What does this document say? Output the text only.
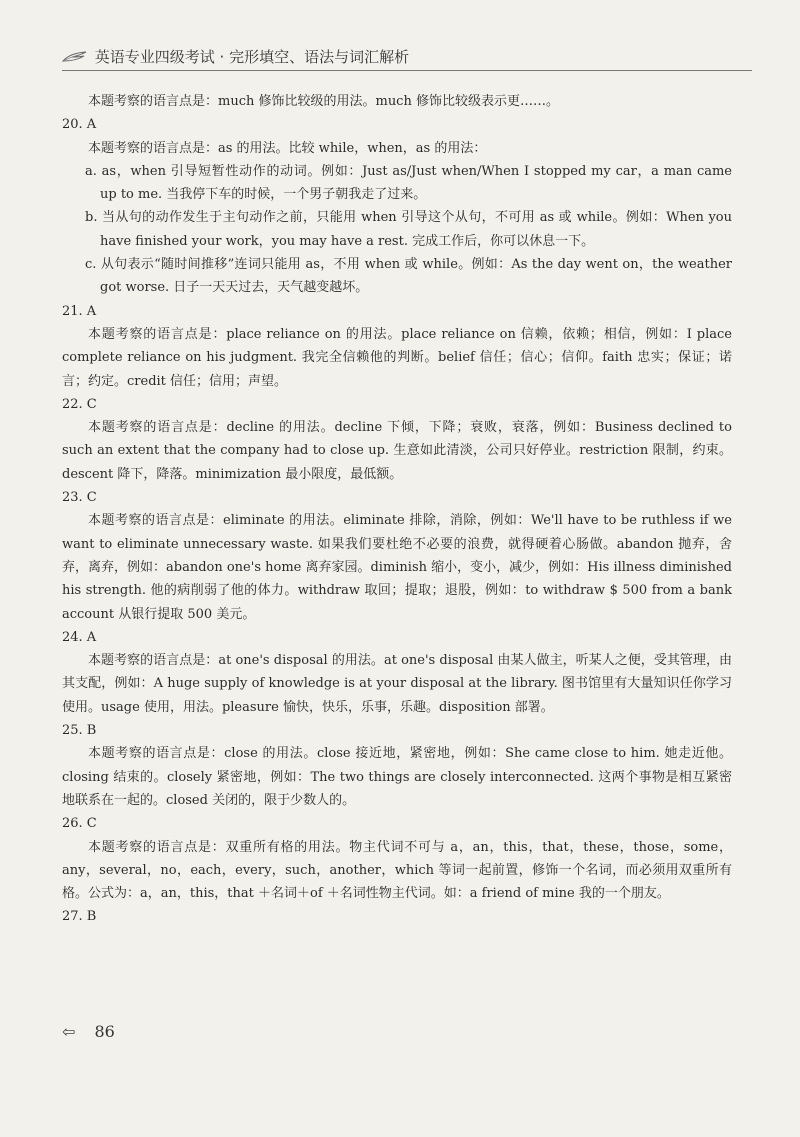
英语专业四级考试 · 完形填空、语法与词汇解析

本题考察的语言点是：much 修饰比较级的用法。much 修饰比较级表示更……。

20. A

本题考察的语言点是：as 的用法。比较 while，when，as 的用法：

a. as，when 引导短暂性动作的动词。例如：Just as/Just when/When I stopped my car，a man came up to me. 当我停下车的时候，一个男子朝我走了过来。

b. 当从句的动作发生于主句动作之前，只能用 when 引导这个从句，不可用 as 或 while。例如：When you have finished your work，you may have a rest. 完成工作后，你可以休息一下。

c. 从句表示“随时间推移”连词只能用 as，不用 when 或 while。例如：As the day went on，the weather got worse. 日子一天天过去，天气越变越坏。

21. A

本题考察的语言点是：place reliance on 的用法。place reliance on 信赖，依赖；相信，例如：I place complete reliance on his judgment. 我完全信赖他的判断。belief 信任；信心；信仰。faith 忠实；保证；诺言；约定。credit 信任；信用；声望。

22. C

本题考察的语言点是：decline 的用法。decline 下倾，下降；衰败，衰落，例如：Business declined to such an extent that the company had to close up. 生意如此清淡，公司只好停业。restriction 限制，约束。descent 降下，降落。minimization 最小限度，最低额。

23. C

本题考察的语言点是：eliminate 的用法。eliminate 排除，消除，例如：We'll have to be ruthless if we want to eliminate unnecessary waste. 如果我们要杜绝不必要的浪费，就得硬着心肠做。abandon 抛弃，舍弃，离弃，例如：abandon one's home 离弃家园。diminish 缩小，变小，减少，例如：His illness diminished his strength. 他的病削弱了他的体力。withdraw 取回；提取；退股，例如：to withdraw $ 500 from a bank account 从银行提取 500 美元。

24. A

本题考察的语言点是：at one's disposal 的用法。at one's disposal 由某人做主，听某人之便，受其管理，由其支配，例如：A huge supply of knowledge is at your disposal at the library. 图书馆里有大量知识任你学习使用。usage 使用，用法。pleasure 愉快，快乐，乐事，乐趣。disposition 部署。

25. B

本题考察的语言点是：close 的用法。close 接近地，紧密地，例如：She came close to him. 她走近他。closing 结束的。closely 紧密地，例如：The two things are closely interconnected. 这两个事物是相互紧密地联系在一起的。closed 关闭的，限于少数人的。

26. C

本题考察的语言点是：双重所有格的用法。物主代词不可与 a，an，this，that，these，those，some，any，several，no，each，every，such，another，which 等词一起前置，修饰一个名词，而必须用双重所有格。公式为：a，an，this，that ＋名词＋of ＋名词性物主代词。如：a friend of mine 我的一个朋友。

27. B

⇦ 86
